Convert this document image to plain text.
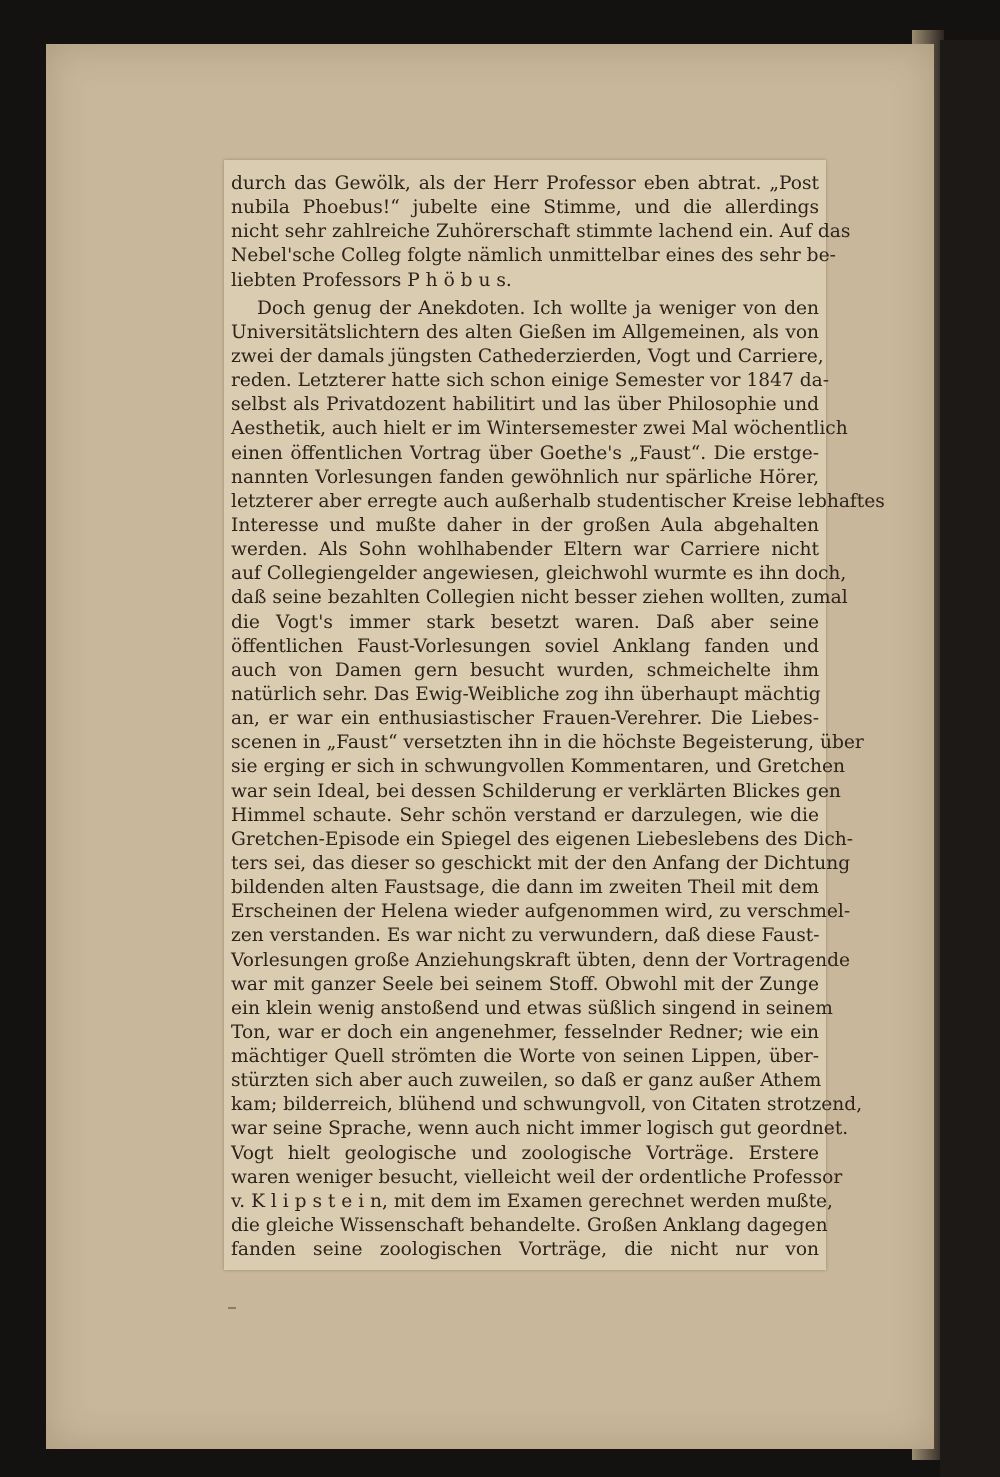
durch das Gewölk, als der Herr Professor eben abtrat. „Post
nubila Phoebus!“ jubelte eine Stimme, und die allerdings
nicht sehr zahlreiche Zuhörerschaft stimmte lachend ein. Auf das
Nebel'sche Colleg folgte nämlich unmittelbar eines des sehr be-
liebten Professors P h ö b u s.
Doch genug der Anekdoten. Ich wollte ja weniger von den
Universitätslichtern des alten Gießen im Allgemeinen, als von
zwei der damals jüngsten Cathederzierden, Vogt und Carriere,
reden. Letzterer hatte sich schon einige Semester vor 1847 da-
selbst als Privatdozent habilitirt und las über Philosophie und
Aesthetik, auch hielt er im Wintersemester zwei Mal wöchentlich
einen öffentlichen Vortrag über Goethe's „Faust“. Die erstge-
nannten Vorlesungen fanden gewöhnlich nur spärliche Hörer,
letzterer aber erregte auch außerhalb studentischer Kreise lebhaftes
Interesse und mußte daher in der großen Aula abgehalten
werden. Als Sohn wohlhabender Eltern war Carriere nicht
auf Collegiengelder angewiesen, gleichwohl wurmte es ihn doch,
daß seine bezahlten Collegien nicht besser ziehen wollten, zumal
die Vogt's immer stark besetzt waren. Daß aber seine
öffentlichen Faust-Vorlesungen soviel Anklang fanden und
auch von Damen gern besucht wurden, schmeichelte ihm
natürlich sehr. Das Ewig-Weibliche zog ihn überhaupt mächtig
an, er war ein enthusiastischer Frauen-Verehrer. Die Liebes-
scenen in „Faust“ versetzten ihn in die höchste Begeisterung, über
sie erging er sich in schwungvollen Kommentaren, und Gretchen
war sein Ideal, bei dessen Schilderung er verklärten Blickes gen
Himmel schaute. Sehr schön verstand er darzulegen, wie die
Gretchen-Episode ein Spiegel des eigenen Liebeslebens des Dich-
ters sei, das dieser so geschickt mit der den Anfang der Dichtung
bildenden alten Faustsage, die dann im zweiten Theil mit dem
Erscheinen der Helena wieder aufgenommen wird, zu verschmel-
zen verstanden. Es war nicht zu verwundern, daß diese Faust-
Vorlesungen große Anziehungskraft übten, denn der Vortragende
war mit ganzer Seele bei seinem Stoff. Obwohl mit der Zunge
ein klein wenig anstoßend und etwas süßlich singend in seinem
Ton, war er doch ein angenehmer, fesselnder Redner; wie ein
mächtiger Quell strömten die Worte von seinen Lippen, über-
stürzten sich aber auch zuweilen, so daß er ganz außer Athem
kam; bilderreich, blühend und schwungvoll, von Citaten strotzend,
war seine Sprache, wenn auch nicht immer logisch gut geordnet.
Vogt hielt geologische und zoologische Vorträge. Erstere
waren weniger besucht, vielleicht weil der ordentliche Professor
v. K l i p s t e i n, mit dem im Examen gerechnet werden mußte,
die gleiche Wissenschaft behandelte. Großen Anklang dagegen
fanden seine zoologischen Vorträge, die nicht nur von
